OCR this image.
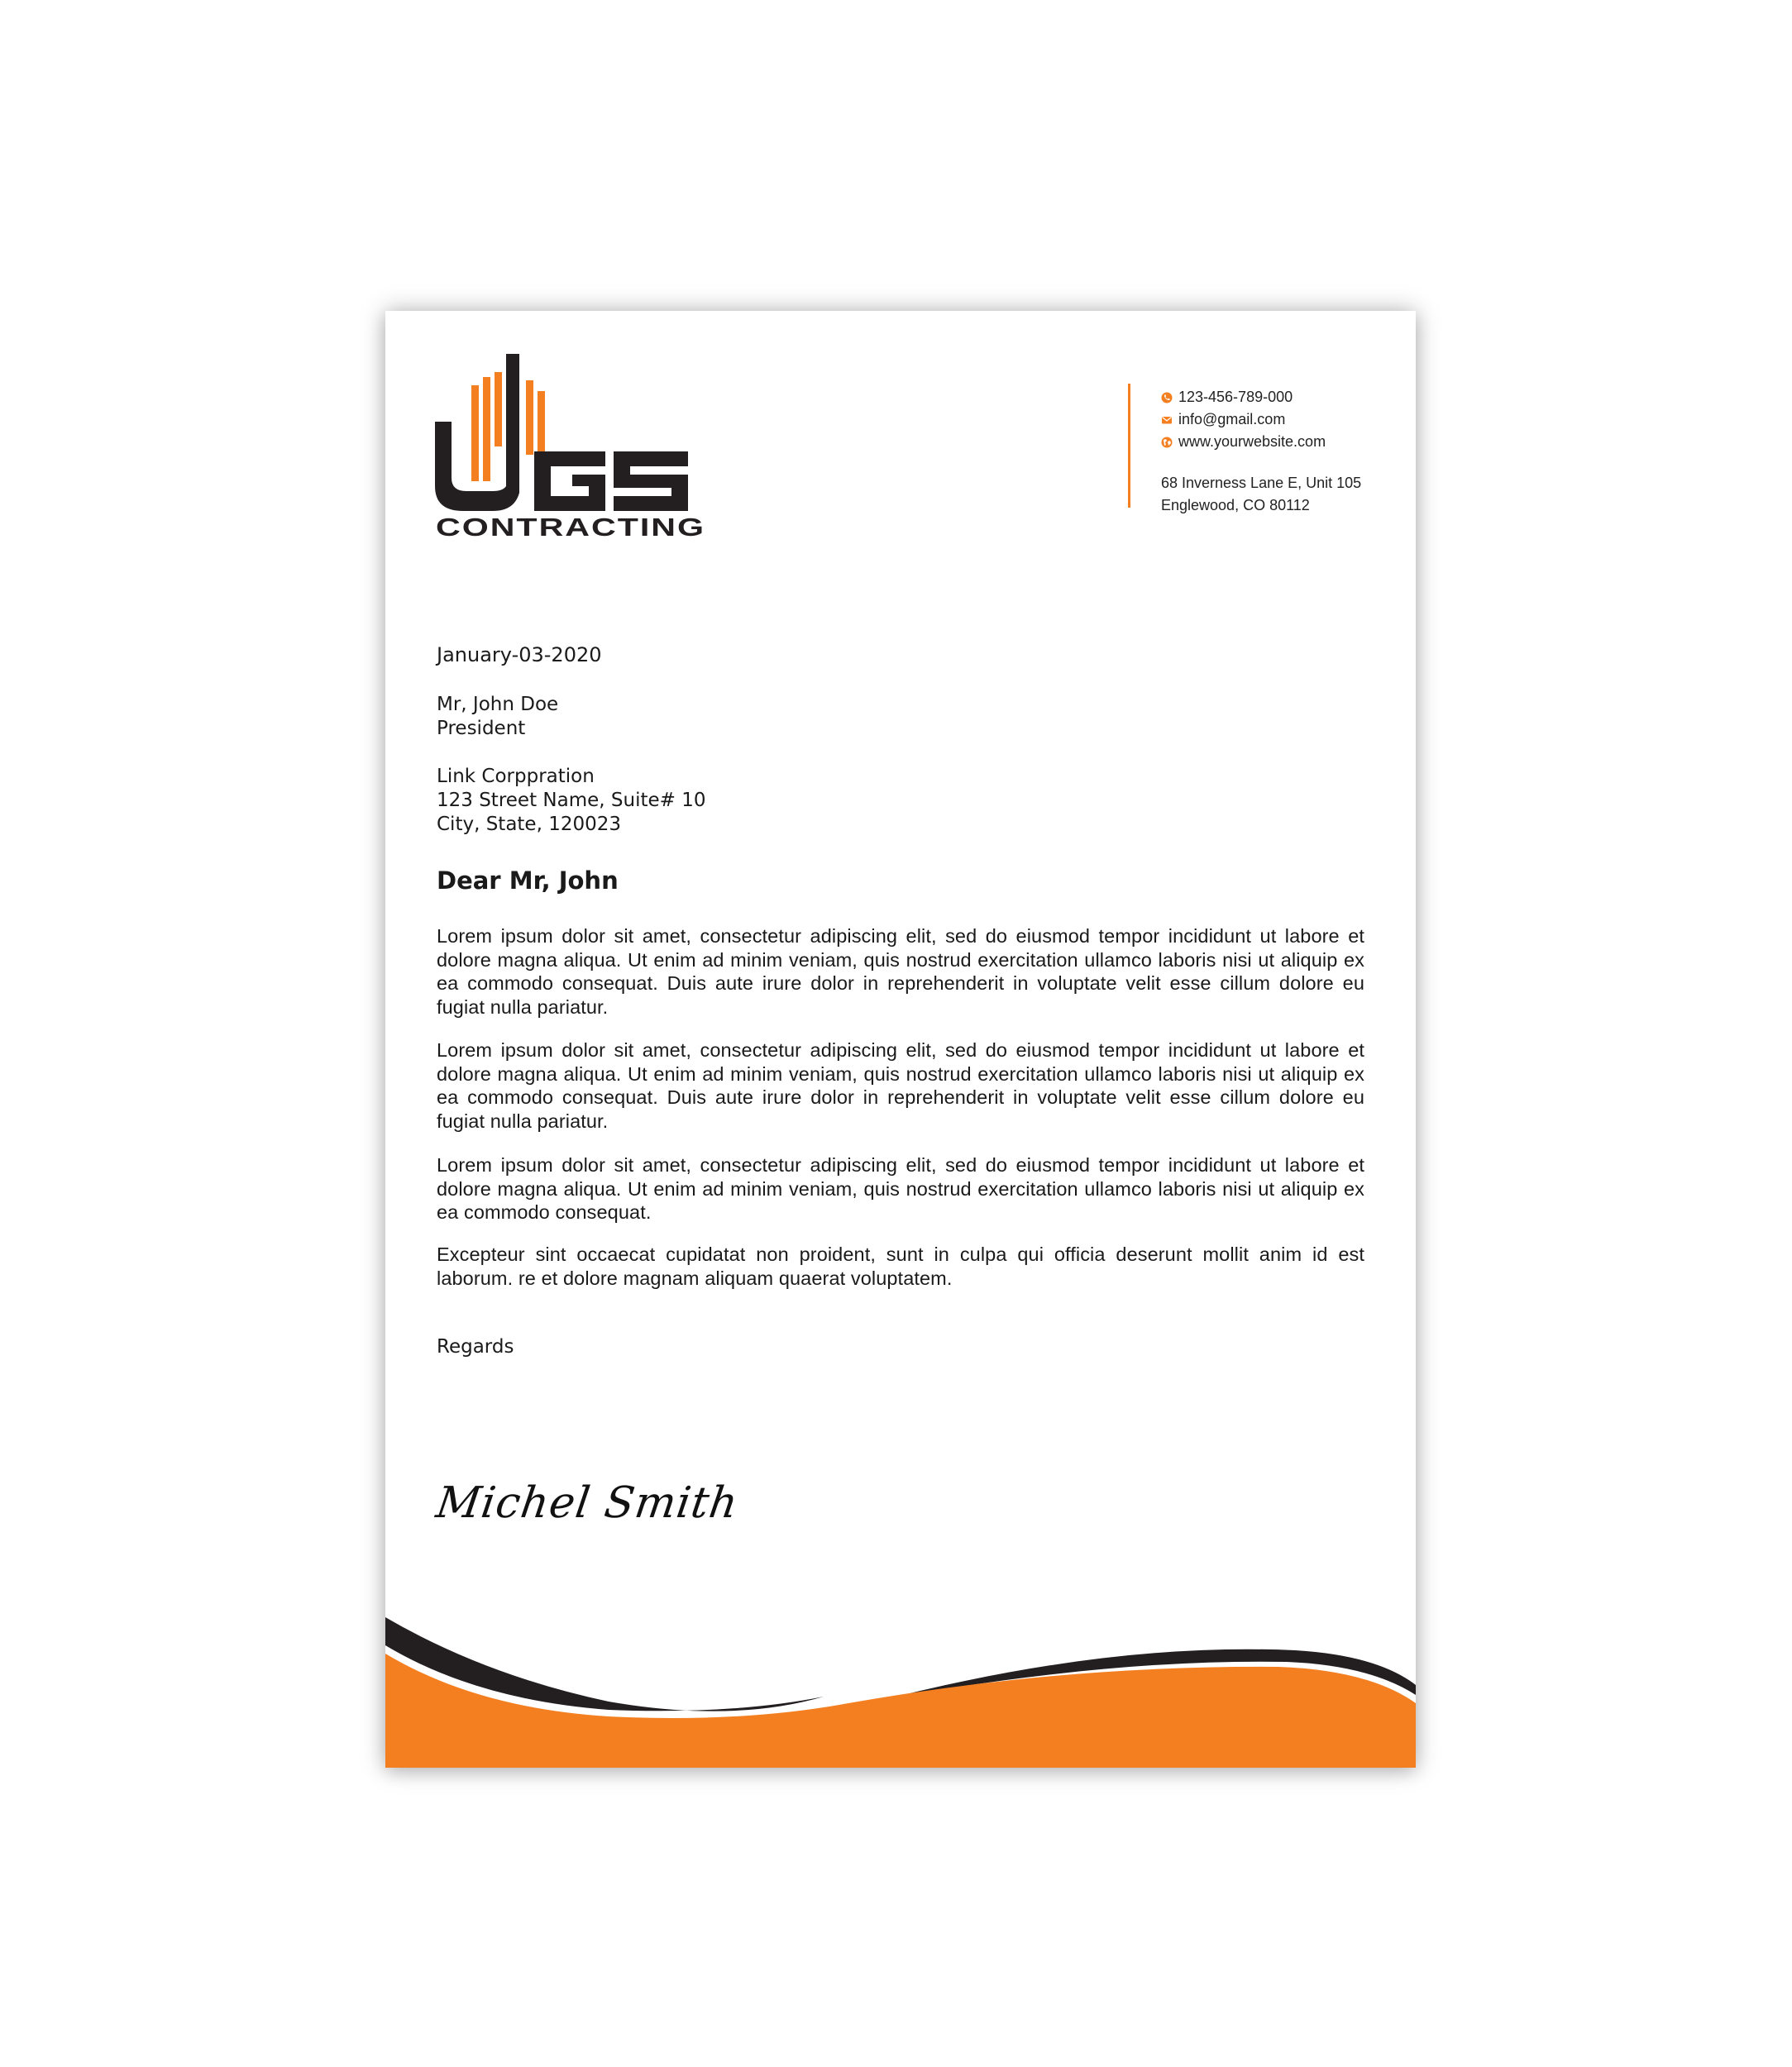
CONTRACTING
123-456-789-000
info@gmail.com
www.yourwebsite.com
68 Inverness Lane E, Unit 105
Englewood, CO 80112
January-03-2020
Mr, John Doe
President
Link Corppration
123 Street Name, Suite# 10
City, State, 120023
Dear Mr, John
Lorem ipsum dolor sit amet, consectetur adipiscing elit, sed do eiusmod tempor incididunt ut labore et dolore magna aliqua. Ut enim ad minim veniam, quis nostrud exercitation ullamco laboris nisi ut aliquip ex ea commodo consequat. Duis aute irure dolor in reprehenderit in voluptate velit esse cillum dolore eu fugiat nulla pariatur.
Lorem ipsum dolor sit amet, consectetur adipiscing elit, sed do eiusmod tempor incididunt ut labore et dolore magna aliqua. Ut enim ad minim veniam, quis nostrud exercitation ullamco laboris nisi ut aliquip ex ea commodo consequat. Duis aute irure dolor in reprehenderit in voluptate velit esse cillum dolore eu fugiat nulla pariatur.
Lorem ipsum dolor sit amet, consectetur adipiscing elit, sed do eiusmod tempor incididunt ut labore et dolore magna aliqua. Ut enim ad minim veniam, quis nostrud exercitation ullamco laboris nisi ut aliquip ex ea commodo consequat.
Excepteur sint occaecat cupidatat non proident, sunt in culpa qui officia deserunt mollit anim id est laborum. re et dolore magnam aliquam quaerat voluptatem.
Regards
Michel Smith
